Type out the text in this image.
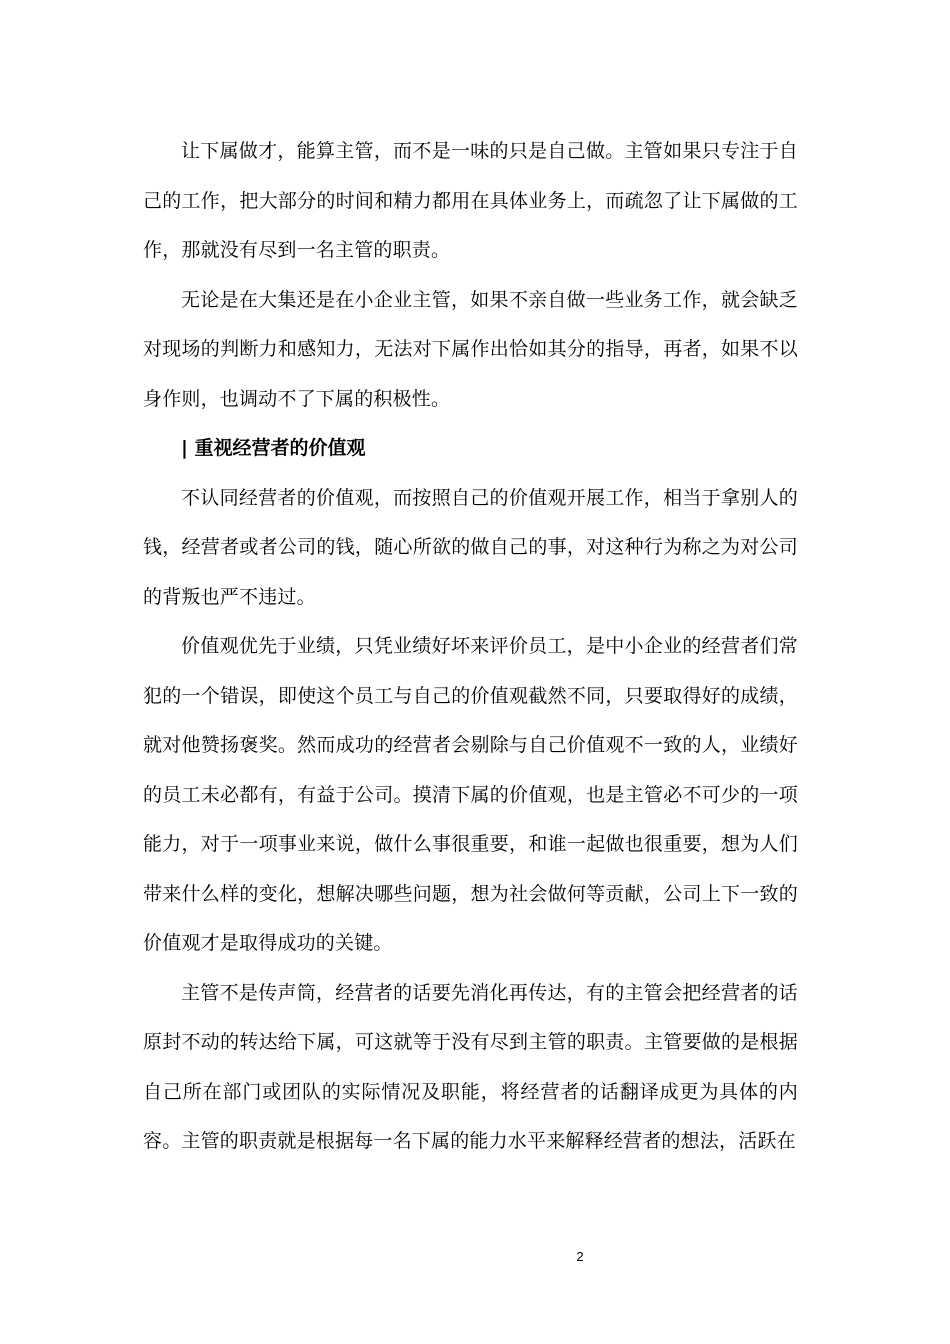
让下属做才，能算主管，而不是一味的只是自己做。主管如果只专注于自己的工作，把大部分的时间和精力都用在具体业务上，而疏忽了让下属做的工作，那就没有尽到一名主管的职责。

无论是在大集还是在小企业主管，如果不亲自做一些业务工作，就会缺乏对现场的判断力和感知力，无法对下属作出恰如其分的指导，再者，如果不以身作则，也调动不了下属的积极性。

| 重视经营者的价值观

不认同经营者的价值观，而按照自己的价值观开展工作，相当于拿别人的钱，经营者或者公司的钱，随心所欲的做自己的事，对这种行为称之为对公司的背叛也严不违过。

价值观优先于业绩，只凭业绩好坏来评价员工，是中小企业的经营者们常犯的一个错误，即使这个员工与自己的价值观截然不同，只要取得好的成绩，就对他赞扬褒奖。然而成功的经营者会剔除与自己价值观不一致的人，业绩好的员工未必都有，有益于公司。摸清下属的价值观，也是主管必不可少的一项能力，对于一项事业来说，做什么事很重要，和谁一起做也很重要，想为人们带来什么样的变化，想解决哪些问题，想为社会做何等贡献，公司上下一致的价值观才是取得成功的关键。

主管不是传声筒，经营者的话要先消化再传达，有的主管会把经营者的话原封不动的转达给下属，可这就等于没有尽到主管的职责。主管要做的是根据自己所在部门或团队的实际情况及职能，将经营者的话翻译成更为具体的内容。主管的职责就是根据每一名下属的能力水平来解释经营者的想法，活跃在

2
